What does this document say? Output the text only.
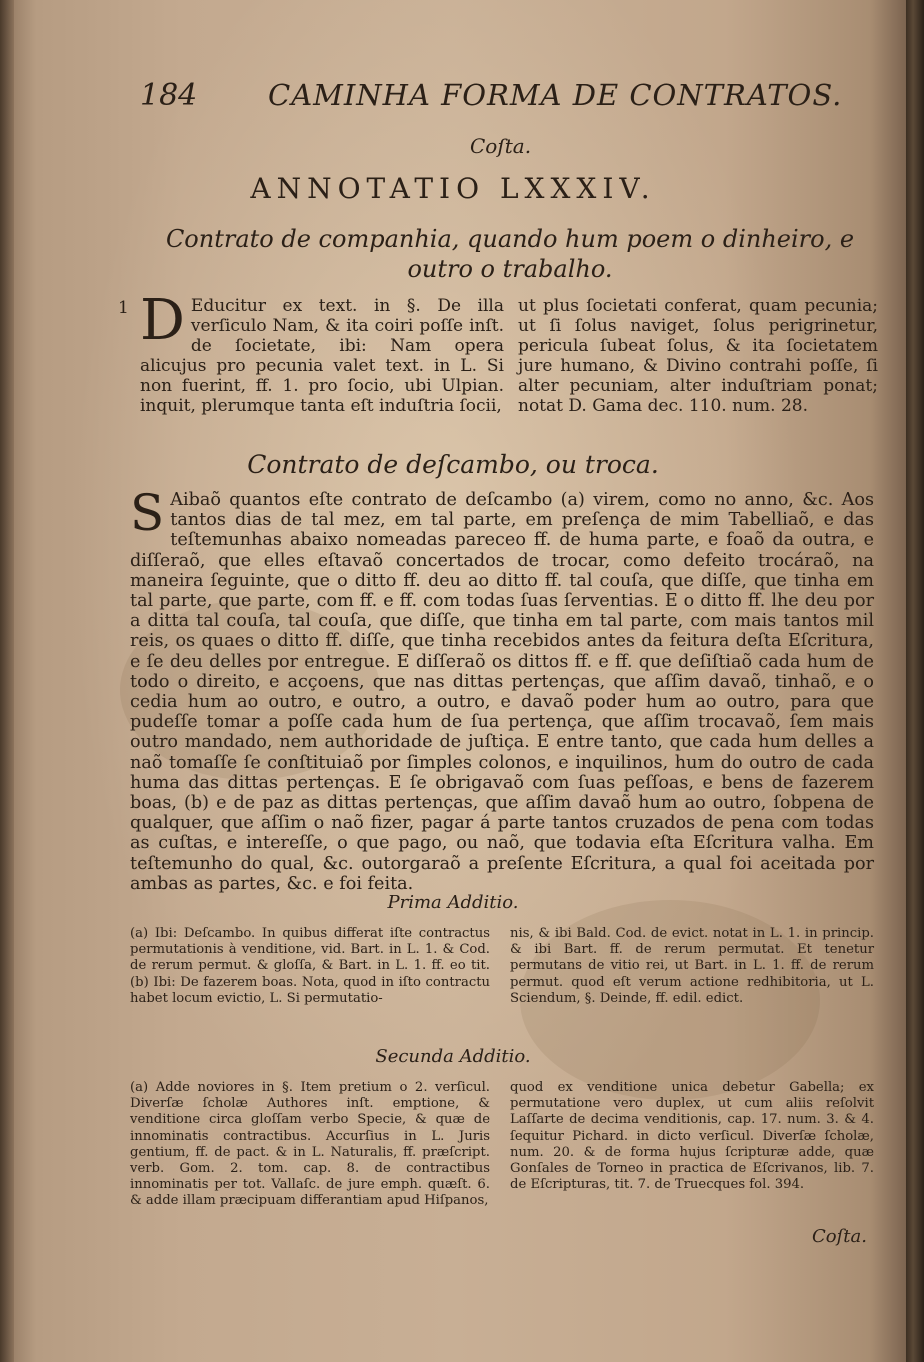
184 CAMINHA FORMA DE CONTRATOS.
Coſta.
ANNOTATIO LXXXIV.
Contrato de companhia, quando hum poem o dinheiro, e outro o trabalho.
1 D Educitur ex text. in §. De illa verſiculo Nam, & ita coiri poſſe inſt. de ſocietate, ibi: Nam opera alicujus pro pecunia valet text. in L. Si non fuerint, ff. 1. pro ſocio, ubi Ulpian. inquit, plerumque tanta eſt induſtria ſocii,
ut plus ſocietati conferat, quam pecunia; ut ſi ſolus naviget, ſolus perigrinetur, pericula ſubeat ſolus, & ita ſocietatem jure humano, & Divino contrahi poſſe, ſi alter pecuniam, alter induſtriam ponat; notat D. Gama dec. 110. num. 28.
Contrato de deſcambo, ou troca.
S Aibaõ quantos eſte contrato de deſcambo (a) virem, como no anno, &c. Aos tantos dias de tal mez, em tal parte, em preſença de mim Tabelliaõ, e das teſtemunhas abaixo nomeadas pareceo ff. de huma parte, e foaõ da outra, e diſſeraõ, que elles eſtavaõ concertados de trocar, como defeito trocáraõ, na maneira ſeguinte, que o ditto ff. deu ao ditto ff. tal couſa, que diſſe, que tinha em tal parte, que parte, com ff. e ff. com todas ſuas ſerventias. E o ditto ff. lhe deu por a ditta tal couſa, tal couſa, que diſſe, que tinha em tal parte, com mais tantos mil reis, os quaes o ditto ff. diſſe, que tinha recebidos antes da feitura deſta Eſcritura, e ſe deu delles por entregue. E diſſeraõ os dittos ff. e ff. que deſiſtiaõ cada hum de todo o direito, e acçoens, que nas dittas pertenças, que aſſim davaõ, tinhaõ, e o cedia hum ao outro, e outro, a outro, e davaõ poder hum ao outro, para que pudeſſe tomar a poſſe cada hum de ſua pertença, que aſſim trocavaõ, ſem mais outro mandado, nem authoridade de juſtiça. E entre tanto, que cada hum delles a naõ tomaſſe ſe conſtituiaõ por ſimples colonos, e inquilinos, hum do outro de cada huma das dittas pertenças. E ſe obrigavaõ com ſuas peſſoas, e bens de fazerem boas, (b) e de paz as dittas pertenças, que aſſim davaõ hum ao outro, ſobpena de qualquer, que aſſim o naõ fizer, pagar á parte tantos cruzados de pena com todas as cuſtas, e intereſſe, o que pago, ou naõ, que todavia eſta Eſcritura valha. Em teſtemunho do qual, &c. outorgaraõ a preſente Eſcritura, a qual foi aceitada por ambas as partes, &c. e foi feita.
Prima Additio.
(a) Ibi: Deſcambo. In quibus differat iſte contractus permutationis à venditione, vid. Bart. in L. 1. & Cod. de rerum permut. & gloſſa, & Bart. in L. 1. ff. eo tit. (b) Ibi: De fazerem boas. Nota, quod in iſto contractu habet locum evictio, L. Si permutatio-
nis, & ibi Bald. Cod. de evict. notat in L. 1. in princip. & ibi Bart. ff. de rerum permutat. Et tenetur permutans de vitio rei, ut Bart. in L. 1. ff. de rerum permut. quod eſt verum actione redhibitoria, ut L. Sciendum, §. Deinde, ff. edil. edict.
Secunda Additio.
(a) Adde noviores in §. Item pretium o 2. verſicul. Diverſæ ſcholæ Authores inſt. emptione, & venditione circa gloſſam verbo Specie, & quæ de innominatis contractibus. Accurſius in L. Juris gentium, ff. de pact. & in L. Naturalis, ff. præſcript. verb. Gom. 2. tom. cap. 8. de contractibus innominatis per tot. Vallaſc. de jure emph. quæſt. 6. & adde illam præcipuam differantiam apud Hiſpanos,
quod ex venditione unica debetur Gabella; ex permutatione vero duplex, ut cum aliis reſolvit Laſſarte de decima venditionis, cap. 17. num. 3. & 4. ſequitur Pichard. in dicto verſicul. Diverſæ ſcholæ, num. 20. & de forma hujus ſcripturæ adde, quæ Gonſales de Torneo in practica de Eſcrivanos, lib. 7. de Eſcripturas, tit. 7. de Truecques fol. 394.
Coſta.
